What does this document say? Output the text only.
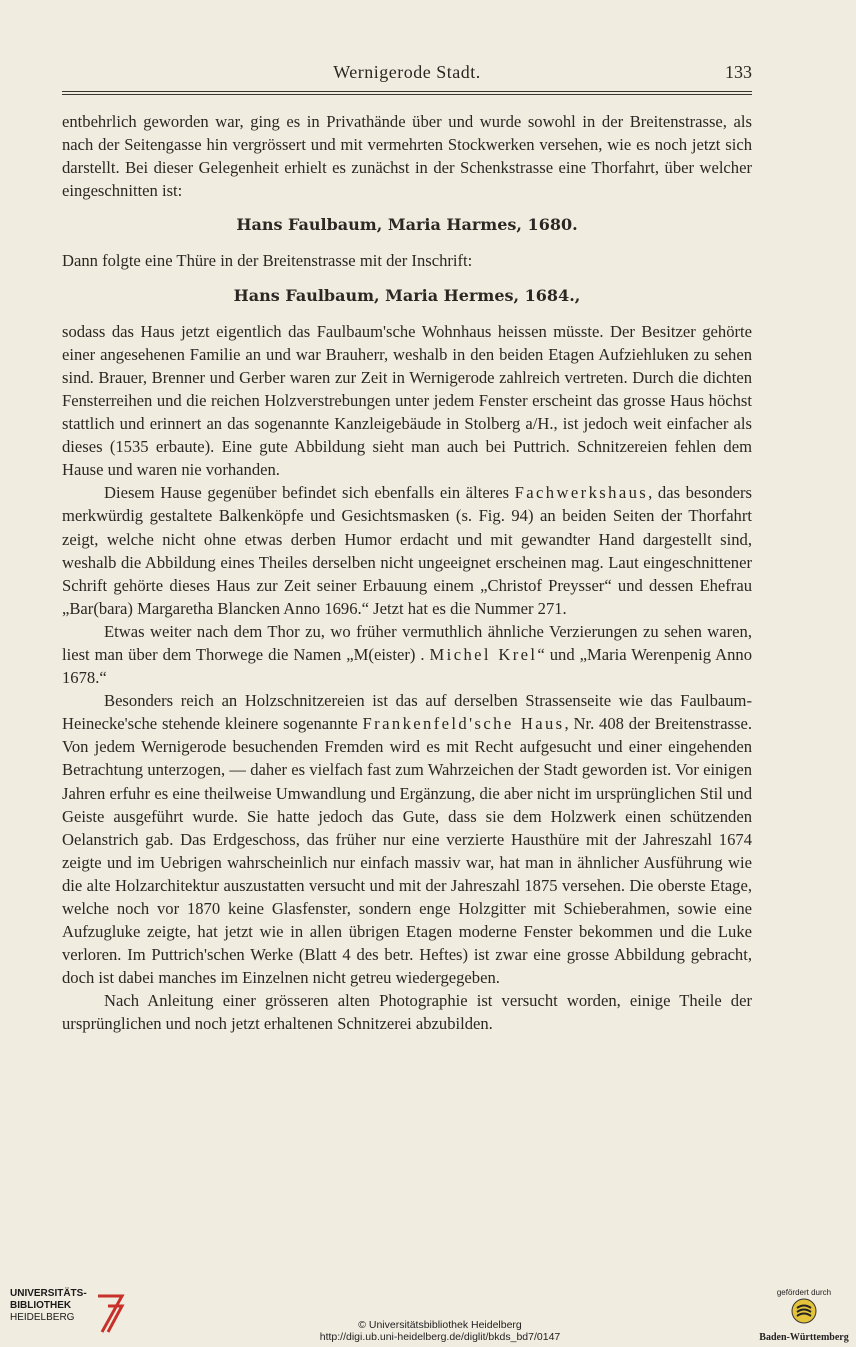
Wernigerode Stadt.	133

entbehrlich geworden war, ging es in Privathände über und wurde sowohl in der Breitenstrasse, als nach der Seitengasse hin vergrössert und mit vermehrten Stockwerken versehen, wie es noch jetzt sich darstellt. Bei dieser Gelegenheit erhielt es zunächst in der Schenkstrasse eine Thorfahrt, über welcher eingeschnitten ist:

Hans Faulbaum, Maria Harmes, 1680.

Dann folgte eine Thüre in der Breitenstrasse mit der Inschrift:

Hans Faulbaum, Maria Hermes, 1684.,

sodass das Haus jetzt eigentlich das Faulbaum'sche Wohnhaus heissen müsste. Der Besitzer gehörte einer angesehenen Familie an und war Brauherr, weshalb in den beiden Etagen Aufziehluken zu sehen sind. Brauer, Brenner und Gerber waren zur Zeit in Wernigerode zahlreich vertreten. Durch die dichten Fensterreihen und die reichen Holzverstrebungen unter jedem Fenster erscheint das grosse Haus höchst stattlich und erinnert an das sogenannte Kanzleigebäude in Stolberg a/H., ist jedoch weit einfacher als dieses (1535 erbaute). Eine gute Abbildung sieht man auch bei Puttrich. Schnitzereien fehlen dem Hause und waren nie vorhanden.

Diesem Hause gegenüber befindet sich ebenfalls ein älteres Fachwerkshaus, das besonders merkwürdig gestaltete Balkenköpfe und Gesichtsmasken (s. Fig. 94) an beiden Seiten der Thorfahrt zeigt, welche nicht ohne etwas derben Humor erdacht und mit gewandter Hand dargestellt sind, weshalb die Abbildung eines Theiles derselben nicht ungeeignet erscheinen mag. Laut eingeschnittener Schrift gehörte dieses Haus zur Zeit seiner Erbauung einem „Christof Preysser“ und dessen Ehefrau „Bar(bara) Margaretha Blancken Anno 1696.“ Jetzt hat es die Nummer 271.

Etwas weiter nach dem Thor zu, wo früher vermuthlich ähnliche Verzierungen zu sehen waren, liest man über dem Thorwege die Namen „M(eister) . Michel Krel“ und „Maria Werenpenig Anno 1678.“

Besonders reich an Holzschnitzereien ist das auf derselben Strassenseite wie das Faulbaum-Heinecke'sche stehende kleinere sogenannte Frankenfeld'sche Haus, Nr. 408 der Breitenstrasse. Von jedem Wernigerode besuchenden Fremden wird es mit Recht aufgesucht und einer eingehenden Betrachtung unterzogen, — daher es vielfach fast zum Wahrzeichen der Stadt geworden ist. Vor einigen Jahren erfuhr es eine theilweise Umwandlung und Ergänzung, die aber nicht im ursprünglichen Stil und Geiste ausgeführt wurde. Sie hatte jedoch das Gute, dass sie dem Holzwerk einen schützenden Oelanstrich gab. Das Erdgeschoss, das früher nur eine verzierte Hausthüre mit der Jahreszahl 1674 zeigte und im Uebrigen wahrscheinlich nur einfach massiv war, hat man in ähnlicher Ausführung wie die alte Holzarchitektur auszustatten versucht und mit der Jahreszahl 1875 versehen. Die oberste Etage, welche noch vor 1870 keine Glasfenster, sondern enge Holzgitter mit Schieberahmen, sowie eine Aufzugluke zeigte, hat jetzt wie in allen übrigen Etagen moderne Fenster bekommen und die Luke verloren. Im Puttrich'schen Werke (Blatt 4 des betr. Heftes) ist zwar eine grosse Abbildung gebracht, doch ist dabei manches im Einzelnen nicht getreu wiedergegeben.

Nach Anleitung einer grösseren alten Photographie ist versucht worden, einige Theile der ursprünglichen und noch jetzt erhaltenen Schnitzerei abzubilden.

UNIVERSITÄTS-
BIBLIOTHEK
HEIDELBERG
© Universitätsbibliothek Heidelberg
http://digi.ub.uni-heidelberg.de/diglit/bkds_bd7/0147
gefördert durch
Baden-Württemberg
